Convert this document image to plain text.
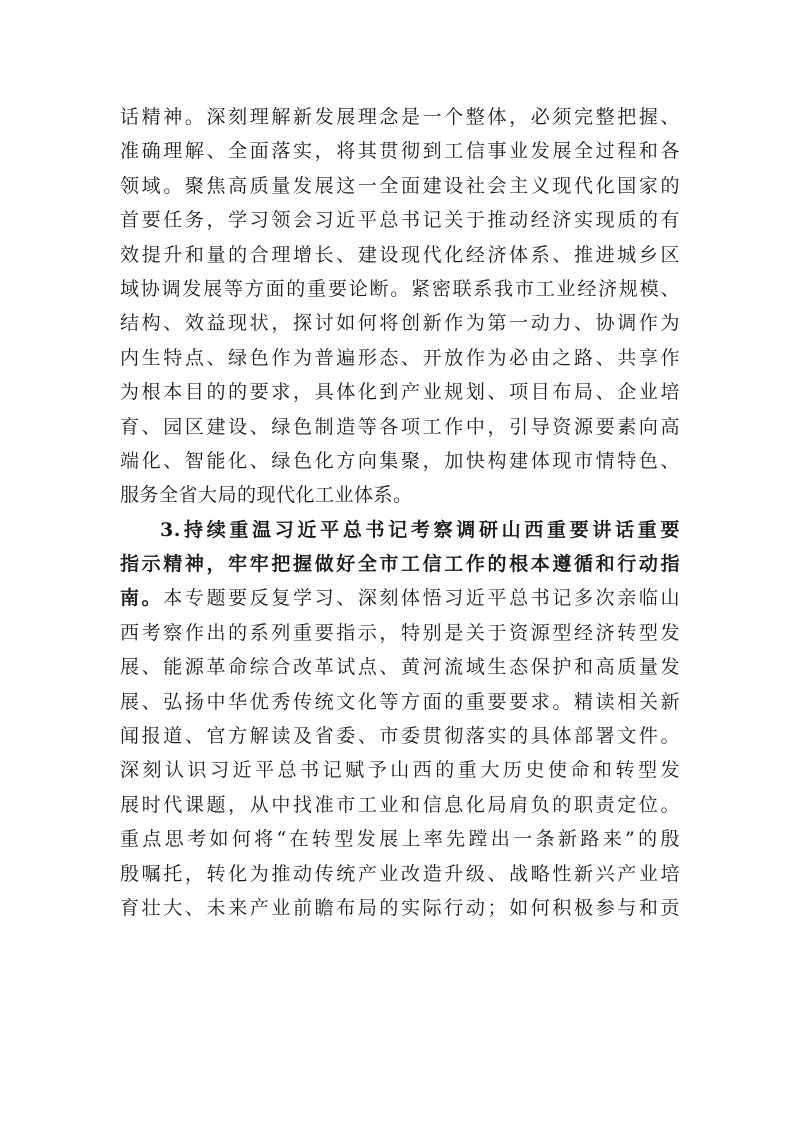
话精神。深刻理解新发展理念是一个整体，必须完整把握、
准确理解、全面落实，将其贯彻到工信事业发展全过程和各
领域。聚焦高质量发展这一全面建设社会主义现代化国家的
首要任务，学习领会习近平总书记关于推动经济实现质的有
效提升和量的合理增长、建设现代化经济体系、推进城乡区
域协调发展等方面的重要论断。紧密联系我市工业经济规模、
结构、效益现状，探讨如何将创新作为第一动力、协调作为
内生特点、绿色作为普遍形态、开放作为必由之路、共享作
为根本目的的要求，具体化到产业规划、项目布局、企业培
育、园区建设、绿色制造等各项工作中，引导资源要素向高
端化、智能化、绿色化方向集聚，加快构建体现市情特色、
服务全省大局的现代化工业体系。
3.持续重温习近平总书记考察调研山西重要讲话重要
指示精神，牢牢把握做好全市工信工作的根本遵循和行动指
南。本专题要反复学习、深刻体悟习近平总书记多次亲临山
西考察作出的系列重要指示，特别是关于资源型经济转型发
展、能源革命综合改革试点、黄河流域生态保护和高质量发
展、弘扬中华优秀传统文化等方面的重要要求。精读相关新
闻报道、官方解读及省委、市委贯彻落实的具体部署文件。
深刻认识习近平总书记赋予山西的重大历史使命和转型发
展时代课题，从中找准市工业和信息化局肩负的职责定位。
重点思考如何将“在转型发展上率先蹚出一条新路来”的殷
殷嘱托，转化为推动传统产业改造升级、战略性新兴产业培
育壮大、未来产业前瞻布局的实际行动；如何积极参与和贡
